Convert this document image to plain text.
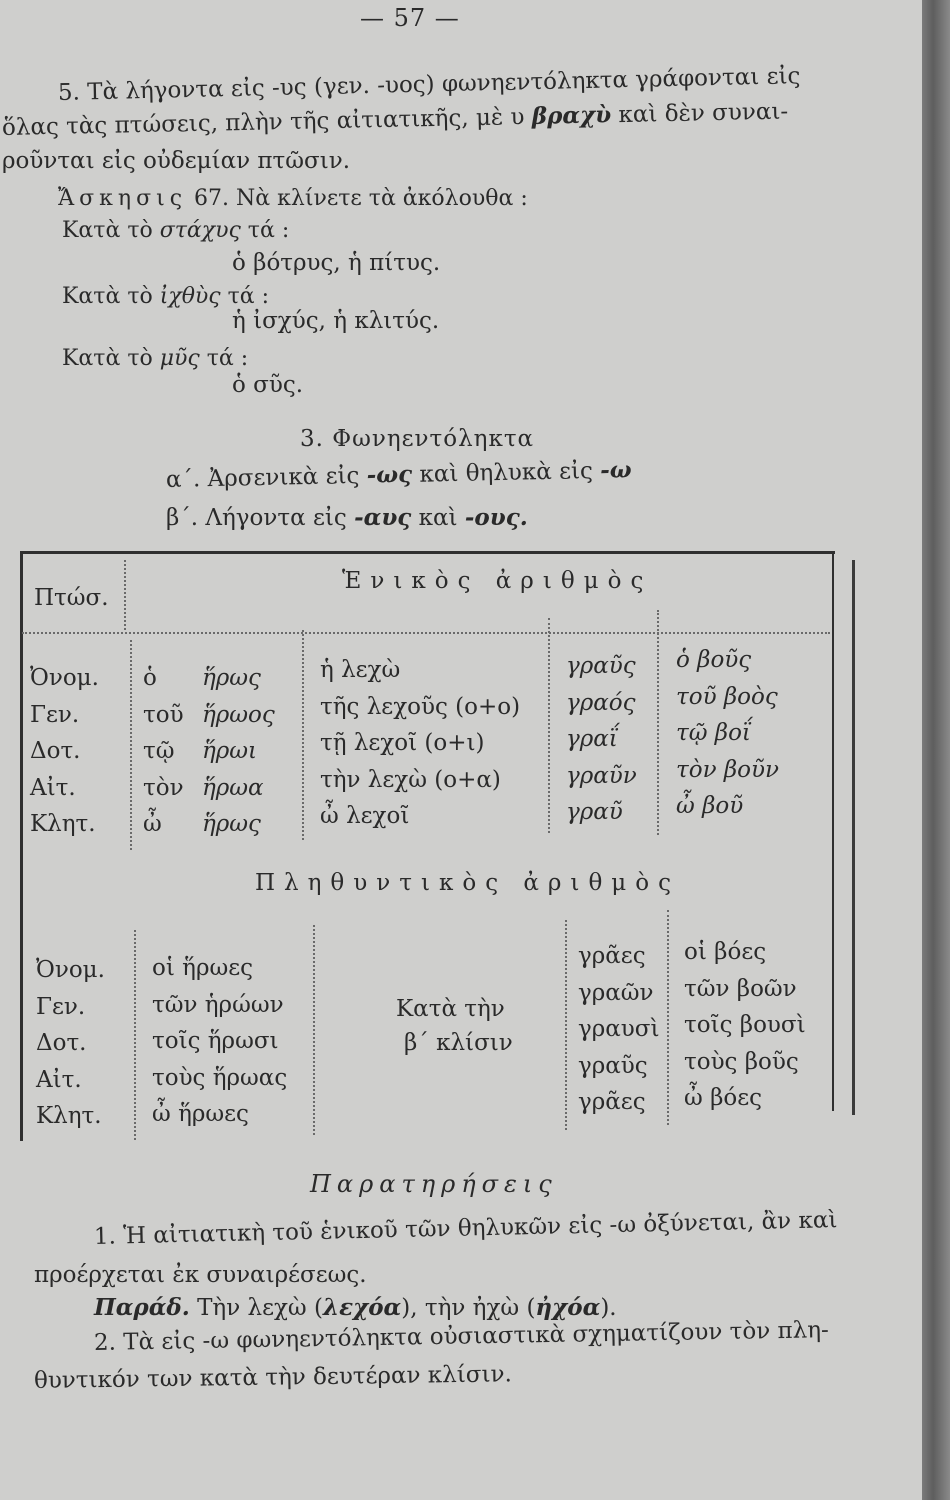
— 57 —
5. Τὰ λήγοντα εἰς -υς (γεν. -υος) φωνηεντόληκτα γράφονται εἰς
ὅλας τὰς πτώσεις, πλὴν τῆς αἰτιατικῆς, μὲ υ βραχὺ καὶ δὲν συναι-
ροῦνται εἰς οὐδεμίαν πτῶσιν.
Ἄσκησις 67. Νὰ κλίνετε τὰ ἀκόλουθα :
Κατὰ τὸ στάχυς τά :
ὁ βότρυς, ἡ πίτυς.
Κατὰ τὸ ἰχθὺς τά :
ἡ ἰσχύς, ἡ κλιτύς.
Κατὰ τὸ μῦς τά :
ὁ σῦς.
3. Φωνηεντόληκτα
α΄. Ἀρσενικὰ εἰς -ως καὶ θηλυκὰ εἰς -ω
β΄. Λήγοντα εἰς -αυς καὶ -ους.
Πτώσ.
Ἑνικὸς ἀριθμὸς
Ὀνομ.
Γεν.
Δοτ.
Αἰτ.
Κλητ.
ὁ
τοῦ
τῷ
τὸν
ὦ
ἥρως
ἥρωος
ἥρωι
ἥρωα
ἥρως
ἡ λεχὼ
τῆς λεχοῦς (ο+ο)
τῇ λεχοῖ (ο+ι)
τὴν λεχὼ (ο+α)
ὦ λεχοῖ
γραῦς
γραός
γραΐ
γραῦν
γραῦ
ὁ βοῦς
τοῦ βοὸς
τῷ βοΐ
τὸν βοῦν
ὦ βοῦ
Πληθυντικὸς ἀριθμὸς
Ὀνομ.
Γεν.
Δοτ.
Αἰτ.
Κλητ.
οἱ ἥρωες
τῶν ἡρώων
τοῖς ἥρωσι
τοὺς ἥρωας
ὦ ἥρωες
Κατὰ τὴν
β΄ κλίσιν
γρᾶες
γραῶν
γραυσὶ
γραῦς
γρᾶες
οἱ βόες
τῶν βοῶν
τοῖς βουσὶ
τοὺς βοῦς
ὦ βόες
Παρατηρήσεις
1. Ἡ αἰτιατικὴ τοῦ ἑνικοῦ τῶν θηλυκῶν εἰς -ω ὀξύνεται, ἂν καὶ
προέρχεται ἐκ συναιρέσεως.
Παράδ. Τὴν λεχὼ (λεχόα), τὴν ἠχὼ (ἠχόα).
2. Τὰ εἰς -ω φωνηεντόληκτα οὐσιαστικὰ σχηματίζουν τὸν πλη-
θυντικόν των κατὰ τὴν δευτέραν κλίσιν.
